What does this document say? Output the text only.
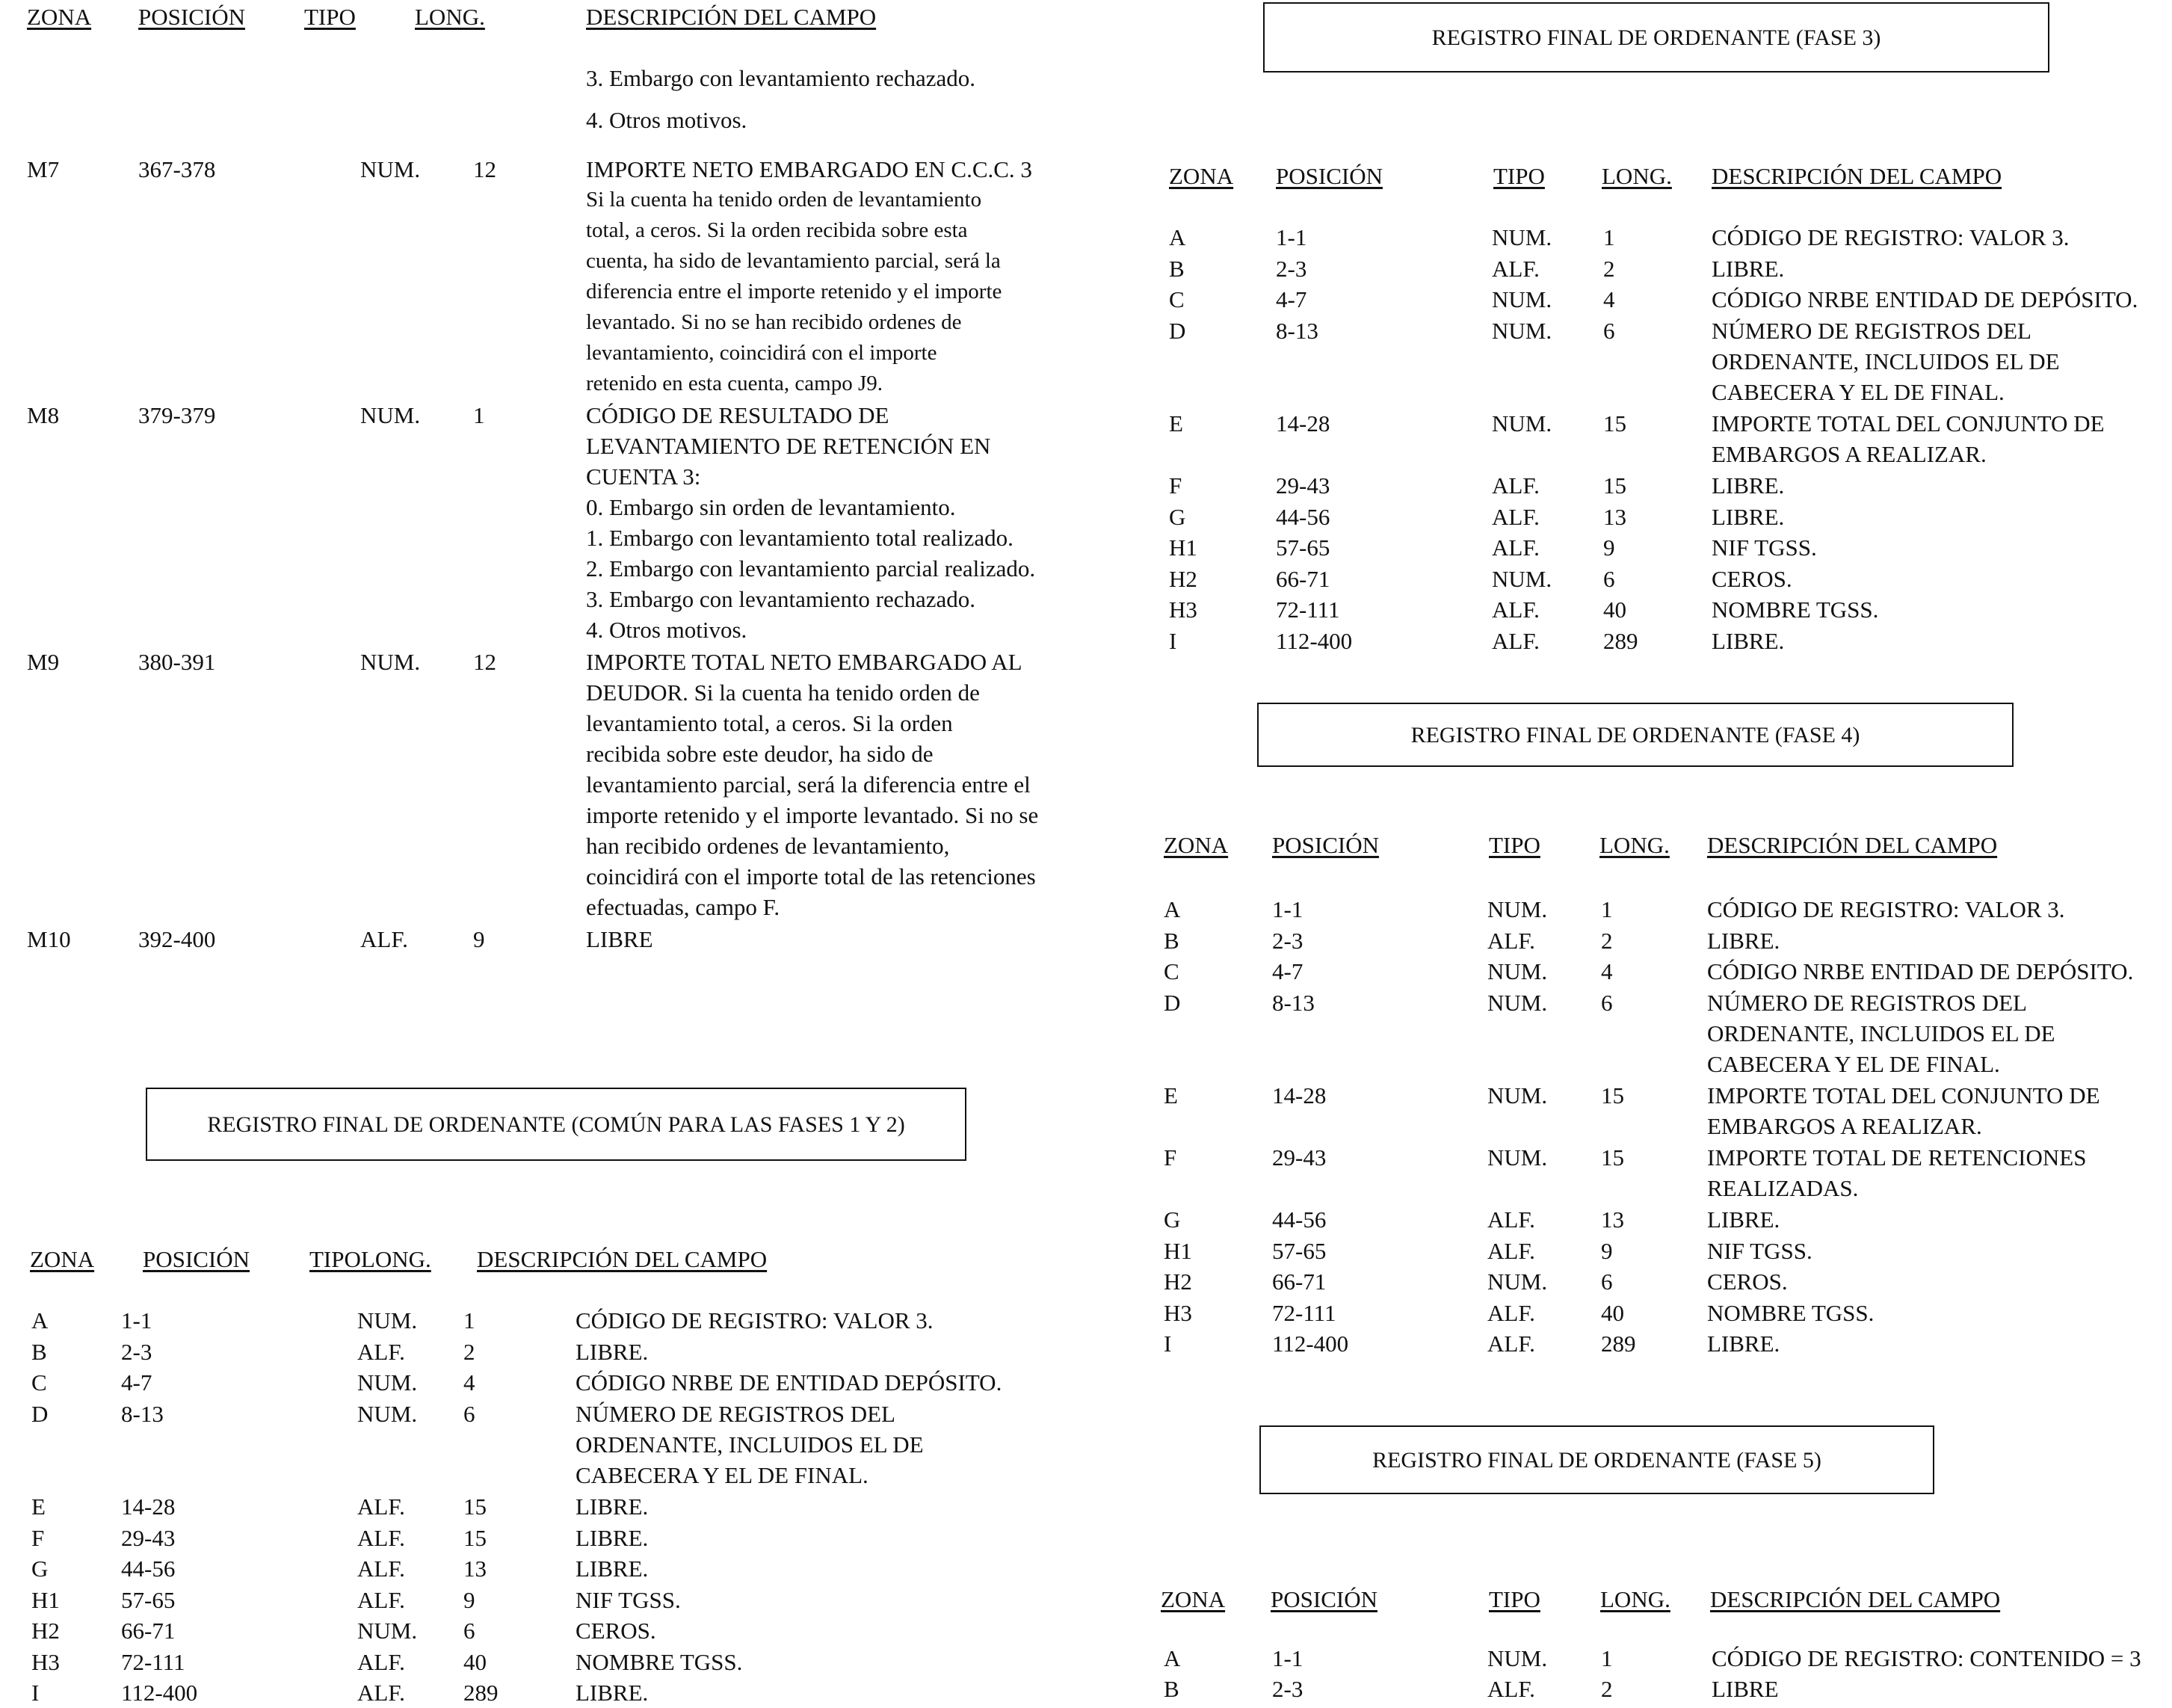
ZONA POSICIÓN	TIPO	LONG.	DESCRIPCIÓN DEL CAMPO
3. Embargo con levantamiento rechazado.
4. Otros motivos.
M7	367-378	NUM. 12	IMPORTE NETO EMBARGADO EN C.C.C. 3
Si la cuenta ha tenido orden de levantamiento
total, a ceros. Si la orden recibida sobre esta
cuenta, ha sido de levantamiento parcial, será la
diferencia entre el importe retenido y el importe
levantado. Si no se han recibido ordenes de
levantamiento, coincidirá con el importe
retenido en esta cuenta, campo J9.
M8	379-379	NUM. 1	CÓDIGO DE RESULTADO DE
LEVANTAMIENTO DE RETENCIÓN EN
CUENTA 3:
0. Embargo sin orden de levantamiento.
1. Embargo con levantamiento total realizado.
2. Embargo con levantamiento parcial realizado.
3. Embargo con levantamiento rechazado.
4. Otros motivos.
M9	380-391	NUM. 12	IMPORTE TOTAL NETO EMBARGADO AL
DEUDOR. Si la cuenta ha tenido orden de
levantamiento total, a ceros. Si la orden
recibida sobre este deudor, ha sido de
levantamiento parcial, será la diferencia entre el
importe retenido y el importe levantado. Si no se
han recibido ordenes de levantamiento,
coincidirá con el importe total de las retenciones
efectuadas, campo F.
M10	392-400	ALF.	9	LIBRE
REGISTRO FINAL DE ORDENANTE (COMÚN PARA LAS FASES 1 Y 2)
ZONA POSICIÓN	TIPOLONG. DESCRIPCIÓN DEL CAMPO
A	1-1	NUM. 1	CÓDIGO DE REGISTRO: VALOR 3.
B	2-3	ALF.	2	LIBRE.
C	4-7	NUM. 4	CÓDIGO NRBE DE ENTIDAD DEPÓSITO.
D	8-13	NUM. 6	NÚMERO DE REGISTROS DEL
ORDENANTE, INCLUIDOS EL DE
CABECERA Y EL DE FINAL.
E	14-28	ALF.	15	LIBRE.
F	29-43	ALF.	15	LIBRE.
G	44-56	ALF.	13	LIBRE.
H1	57-65	ALF.	9	NIF TGSS.
H2	66-71	NUM. 6	CEROS.
H3	72-111	ALF.	40	NOMBRE TGSS.
I	112-400	ALF.	289	LIBRE.
REGISTRO FINAL DE ORDENANTE (FASE 3)
ZONA POSICIÓN	TIPO LONG. DESCRIPCIÓN DEL CAMPO
A	1-1	NUM. 1	CÓDIGO DE REGISTRO: VALOR 3.
B	2-3	ALF.	2	LIBRE.
C	4-7	NUM. 4	CÓDIGO NRBE ENTIDAD DE DEPÓSITO.
D	8-13	NUM. 6	NÚMERO DE REGISTROS DEL
ORDENANTE, INCLUIDOS EL DE
CABECERA Y EL DE FINAL.
E	14-28	NUM. 15	IMPORTE TOTAL DEL CONJUNTO DE
EMBARGOS A REALIZAR.
F	29-43	ALF.	15	LIBRE.
G	44-56	ALF.	13	LIBRE.
H1	57-65	ALF.	9	NIF TGSS.
H2	66-71	NUM. 6	CEROS.
H3	72-111	ALF.	40	NOMBRE TGSS.
I	112-400	ALF.	289	LIBRE.
REGISTRO FINAL DE ORDENANTE (FASE 4)
ZONA POSICIÓN	TIPO	LONG. DESCRIPCIÓN DEL CAMPO
A	1-1	NUM. 1	CÓDIGO DE REGISTRO: VALOR 3.
B	2-3	ALF.	2	LIBRE.
C	4-7	NUM. 4	CÓDIGO NRBE ENTIDAD DE DEPÓSITO.
D	8-13	NUM. 6	NÚMERO DE REGISTROS DEL
ORDENANTE, INCLUIDOS EL DE
CABECERA Y EL DE FINAL.
E	14-28	NUM. 15	IMPORTE TOTAL DEL CONJUNTO DE
EMBARGOS A REALIZAR.
F	29-43	NUM. 15	IMPORTE TOTAL DE RETENCIONES
REALIZADAS.
G	44-56	ALF.	13	LIBRE.
H1	57-65	ALF.	9	NIF TGSS.
H2	66-71	NUM. 6	CEROS.
H3	72-111	ALF.	40	NOMBRE TGSS.
I	112-400	ALF.	289	LIBRE.
REGISTRO FINAL DE ORDENANTE (FASE 5)
ZONA POSICIÓN	TIPO	LONG. DESCRIPCIÓN DEL CAMPO
A	1-1	NUM. 1	CÓDIGO DE REGISTRO: CONTENIDO = 3
B	2-3	ALF.	2	LIBRE
